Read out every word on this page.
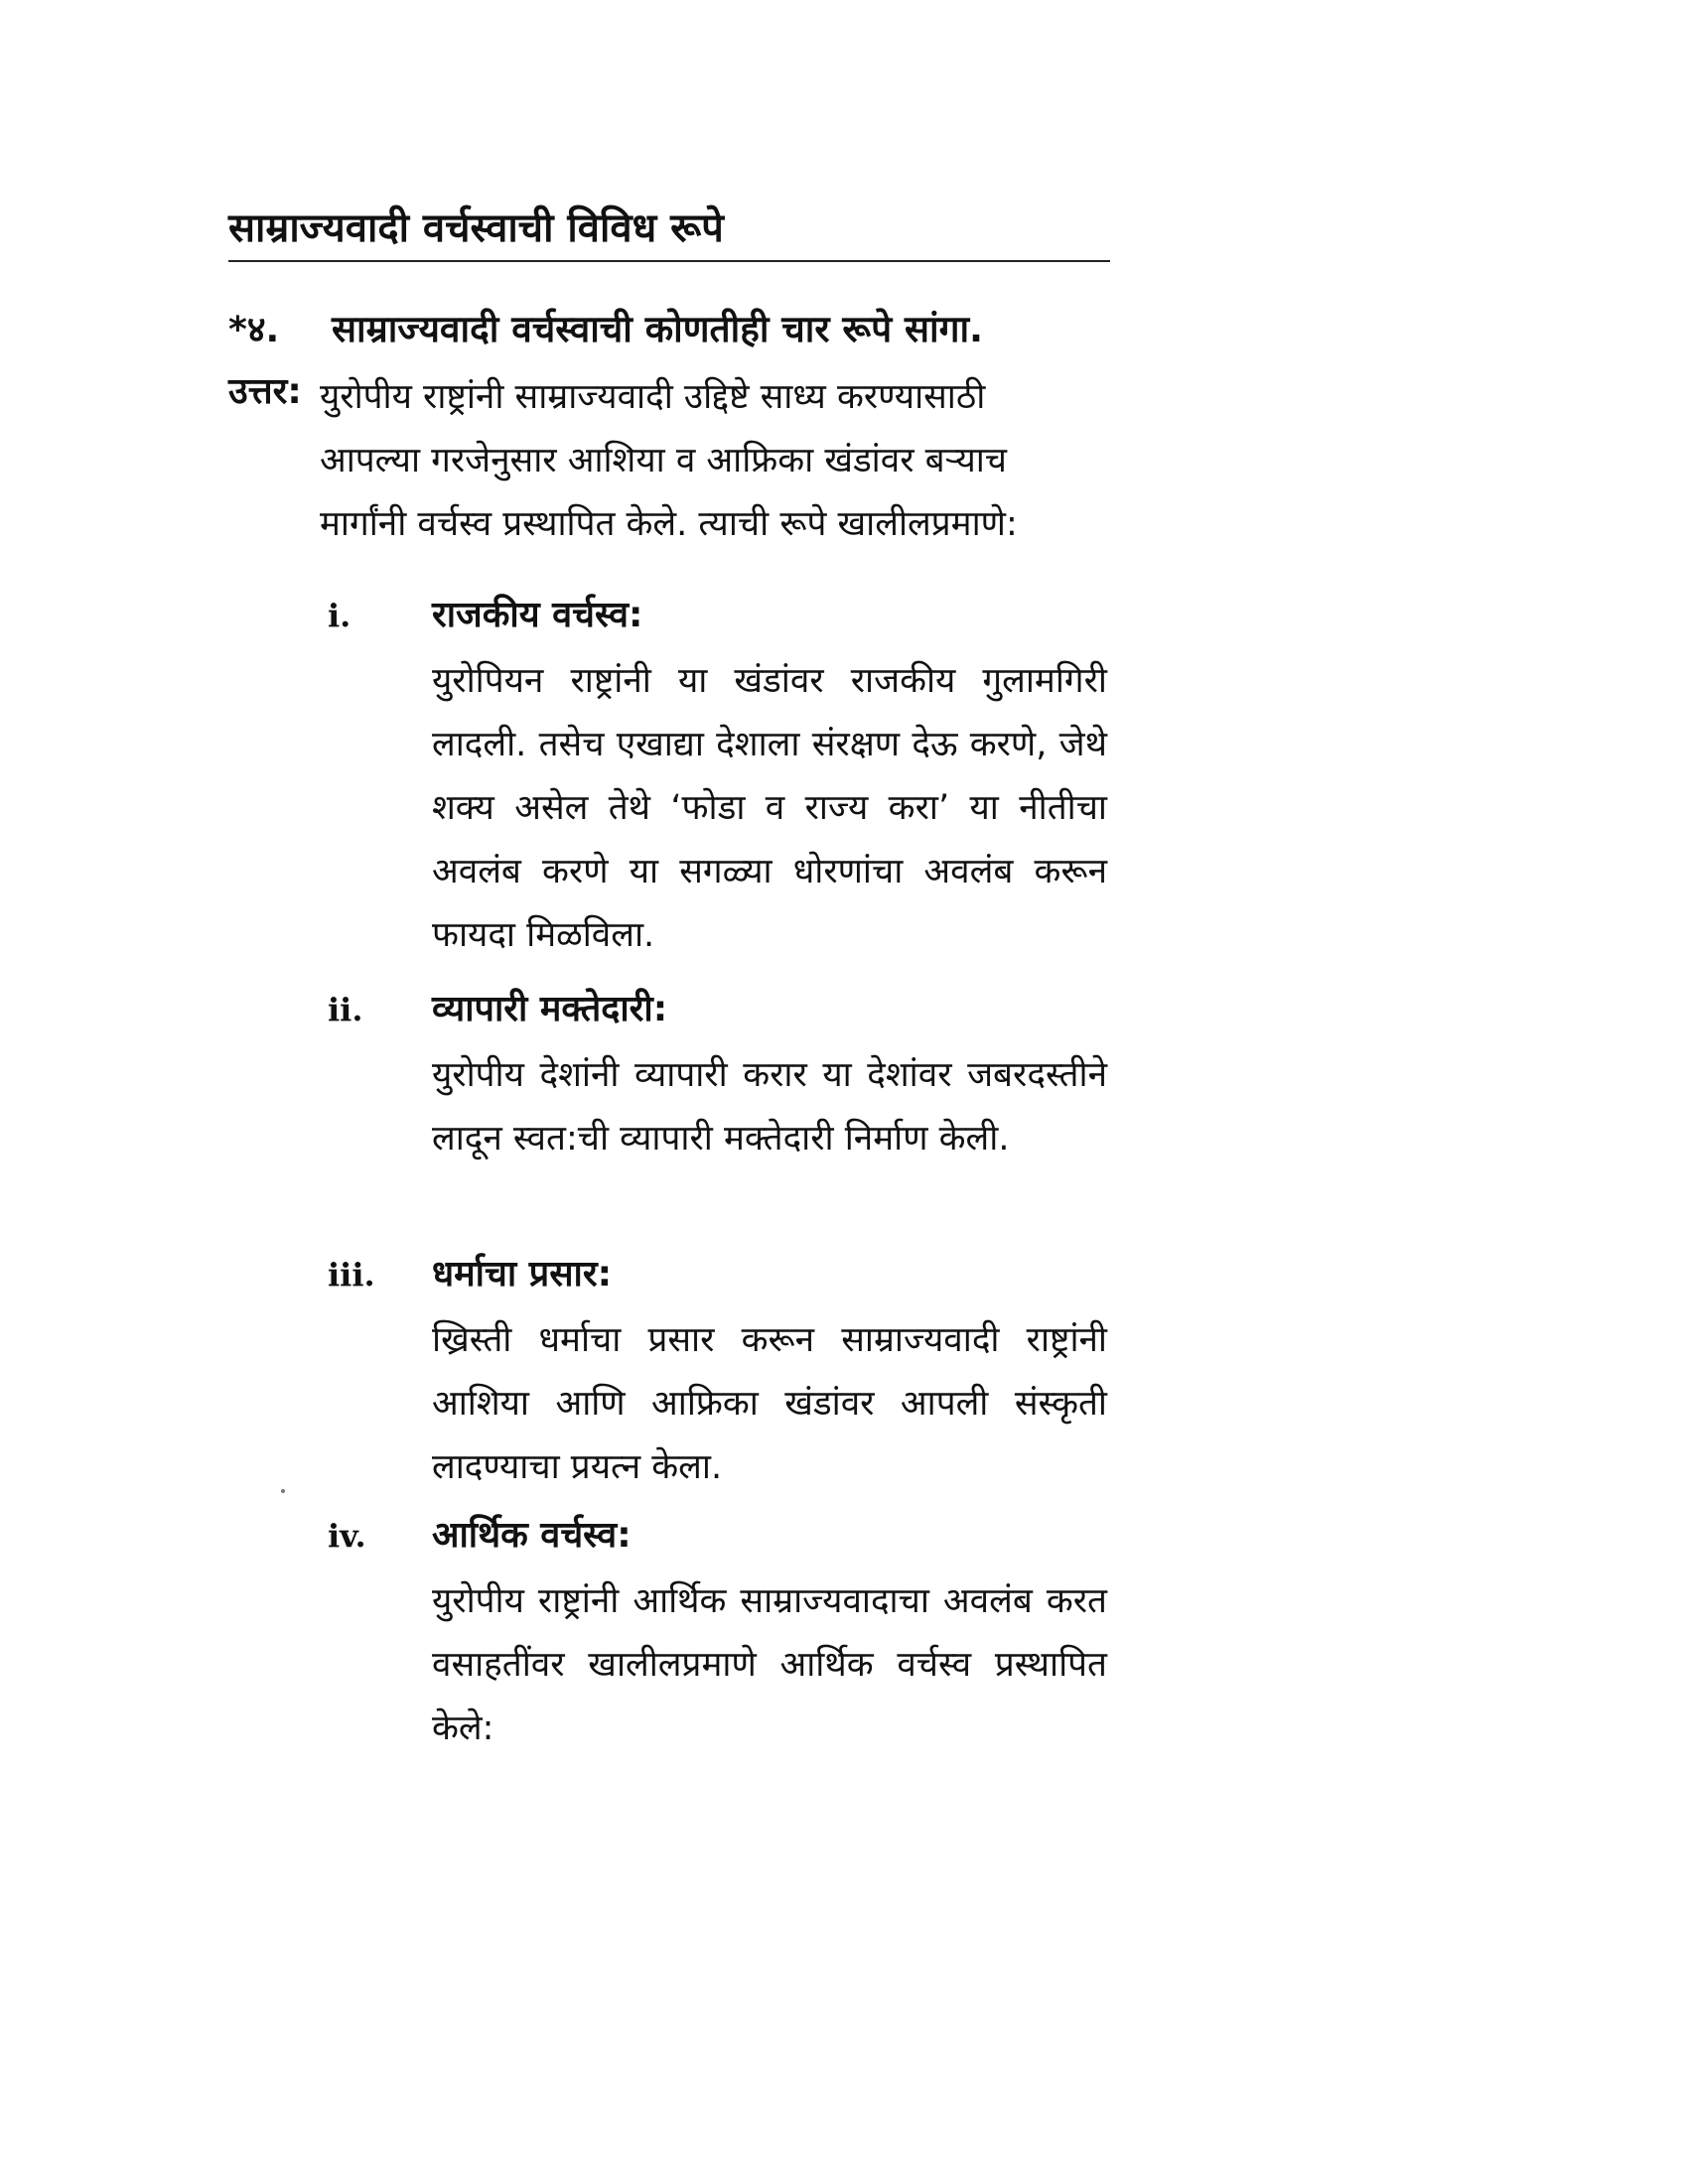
साम्राज्यवादी वर्चस्वाची विविध रूपे
*४. साम्राज्यवादी वर्चस्वाची कोणतीही चार रूपे सांगा.
उत्तर: युरोपीय राष्ट्रांनी साम्राज्यवादी उद्दिष्टे साध्य करण्यासाठी
आपल्या गरजेनुसार आशिया व आफ्रिका खंडांवर बऱ्याच
मार्गांनी वर्चस्व प्रस्थापित केले. त्याची रूपे खालीलप्रमाणे:
i. राजकीय वर्चस्व:
युरोपियन राष्ट्रांनी या खंडांवर राजकीय गुलामगिरी लादली. तसेच एखाद्या देशाला संरक्षण देऊ करणे, जेथे शक्य असेल तेथे ‘फोडा व राज्य करा’ या नीतीचा अवलंब करणे या सगळ्या धोरणांचा अवलंब करून फायदा मिळविला.
ii. व्यापारी मक्तेदारी:
युरोपीय देशांनी व्यापारी करार या देशांवर जबरदस्तीने लादून स्वत:ची व्यापारी मक्तेदारी निर्माण केली.
iii. धर्माचा प्रसार:
ख्रिस्ती धर्माचा प्रसार करून साम्राज्यवादी राष्ट्रांनी आशिया आणि आफ्रिका खंडांवर आपली संस्कृती लादण्याचा प्रयत्न केला.
iv. आर्थिक वर्चस्व:
युरोपीय राष्ट्रांनी आर्थिक साम्राज्यवादाचा अवलंब करत वसाहतींवर खालीलप्रमाणे आर्थिक वर्चस्व प्रस्थापित केले:
